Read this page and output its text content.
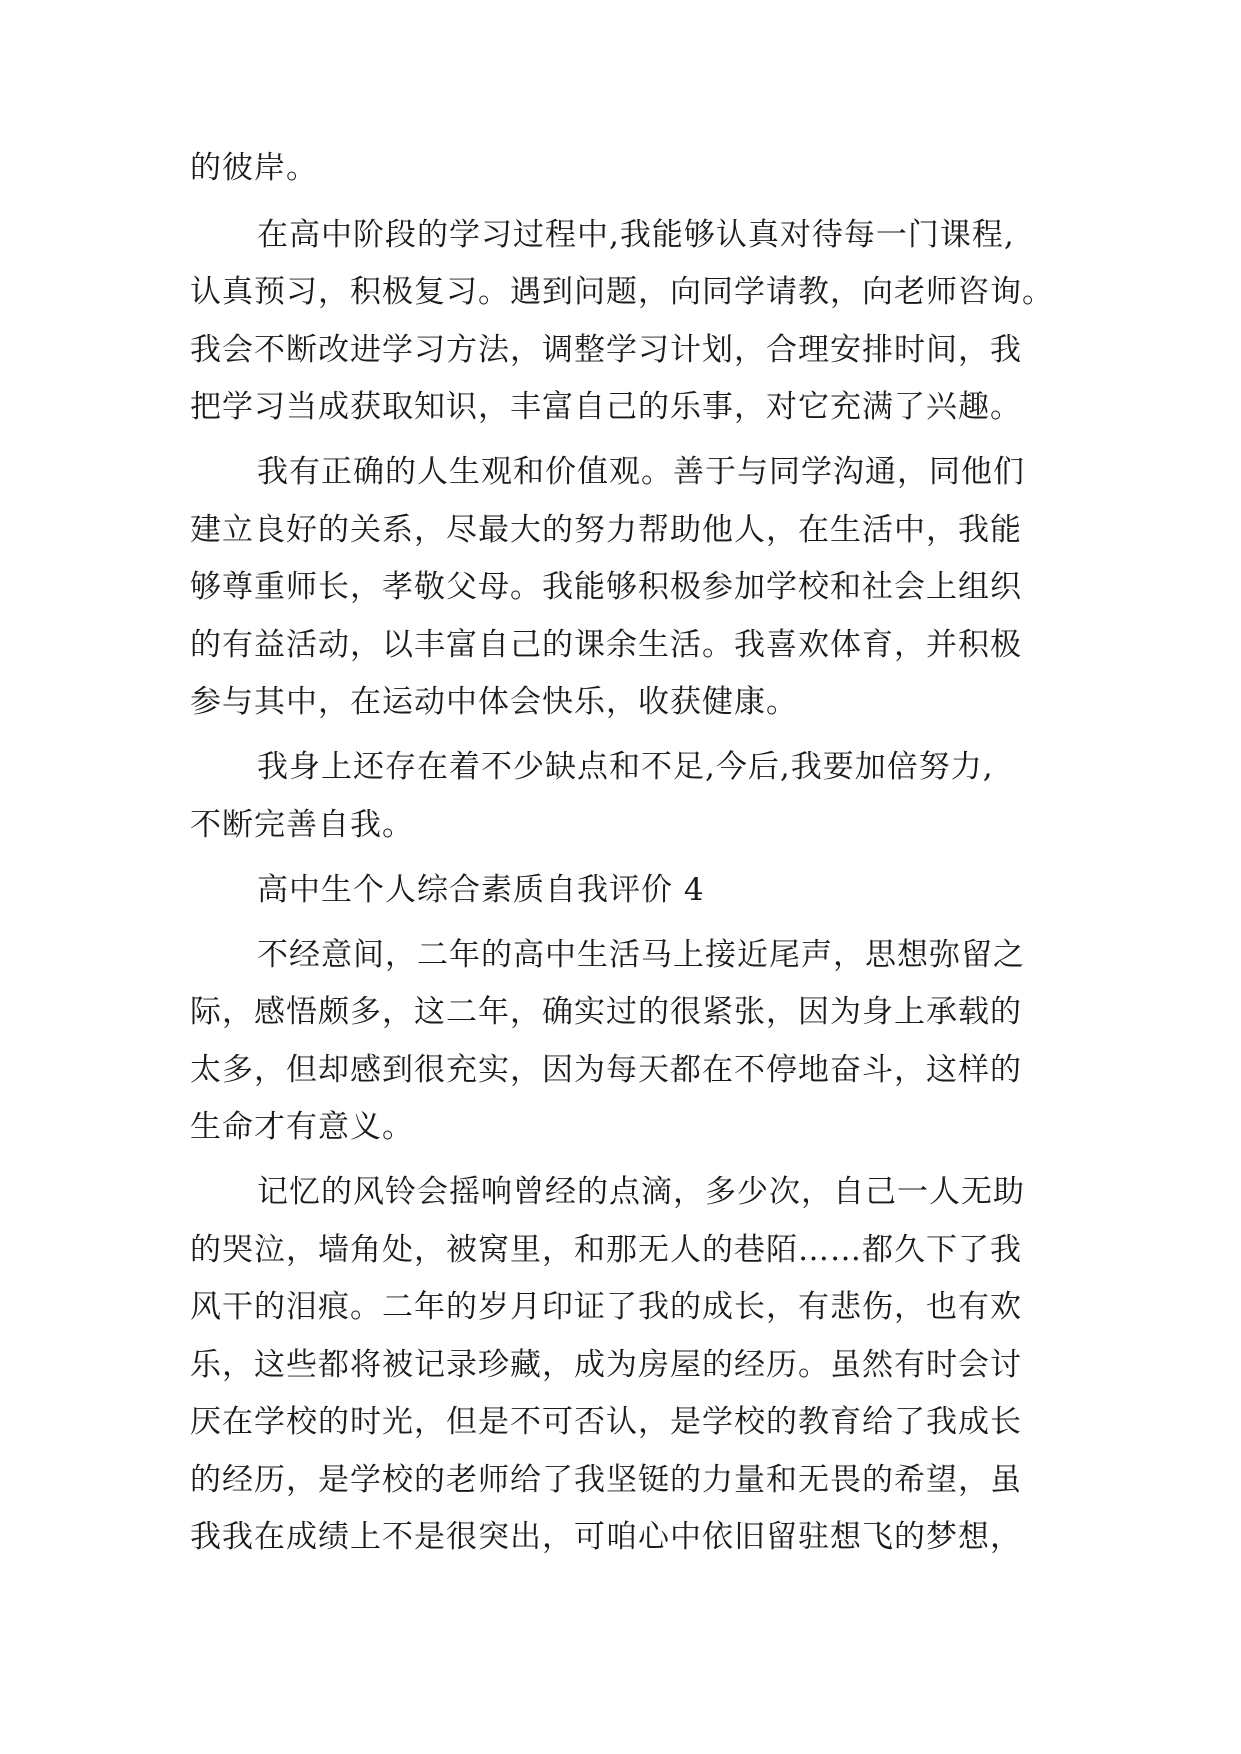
的彼岸。
在高中阶段的学习过程中,我能够认真对待每一门课程,
认真预习，积极复习。遇到问题，向同学请教，向老师咨询。
我会不断改进学习方法，调整学习计划，合理安排时间，我
把学习当成获取知识，丰富自己的乐事，对它充满了兴趣。
我有正确的人生观和价值观。善于与同学沟通，同他们
建立良好的关系，尽最大的努力帮助他人，在生活中，我能
够尊重师长，孝敬父母。我能够积极参加学校和社会上组织
的有益活动，以丰富自己的课余生活。我喜欢体育，并积极
参与其中，在运动中体会快乐，收获健康。
我身上还存在着不少缺点和不足,今后,我要加倍努力,
不断完善自我。
高中生个人综合素质自我评价 4
不经意间，二年的高中生活马上接近尾声，思想弥留之
际，感悟颇多，这二年，确实过的很紧张，因为身上承载的
太多，但却感到很充实，因为每天都在不停地奋斗，这样的
生命才有意义。
记忆的风铃会摇响曾经的点滴，多少次，自己一人无助
的哭泣，墙角处，被窝里，和那无人的巷陌……都久下了我
风干的泪痕。二年的岁月印证了我的成长，有悲伤，也有欢
乐，这些都将被记录珍藏，成为房屋的经历。虽然有时会讨
厌在学校的时光，但是不可否认，是学校的教育给了我成长
的经历，是学校的老师给了我坚铤的力量和无畏的希望，虽
我我在成绩上不是很突出，可咱心中依旧留驻想飞的梦想，
